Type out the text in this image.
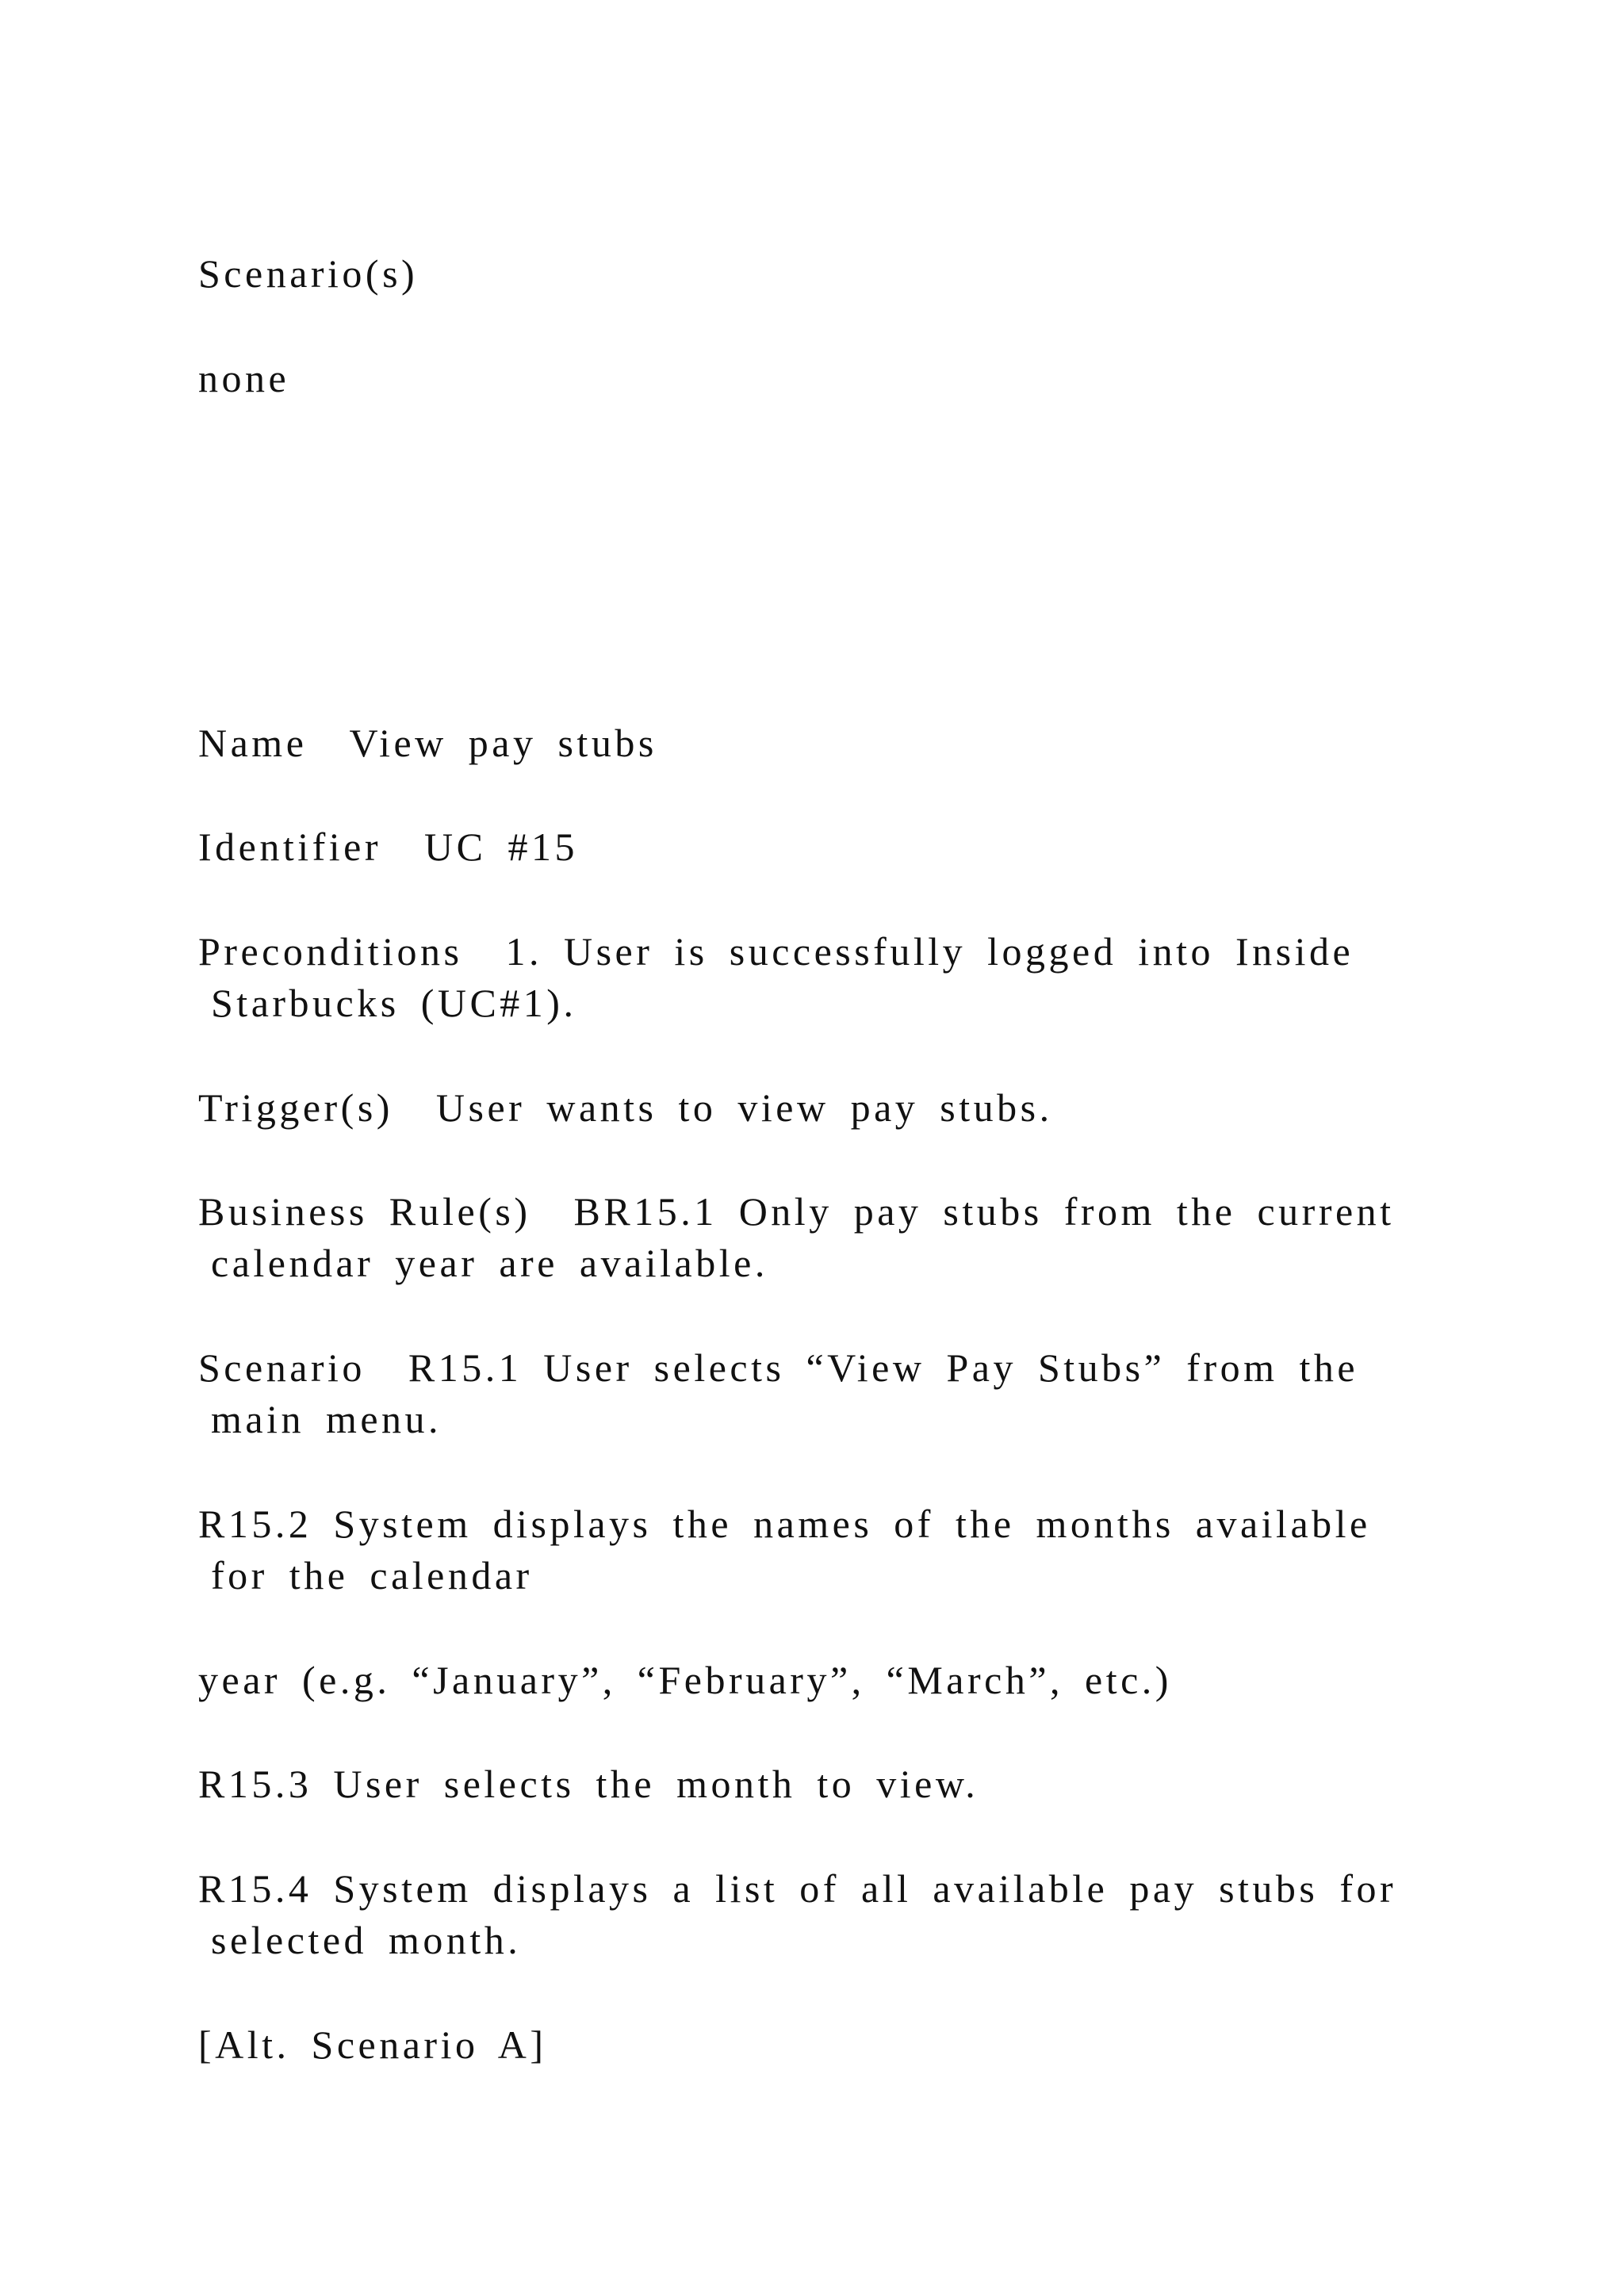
Scenario(s)
none
Name  View pay stubs
Identifier  UC #15
Preconditions  1. User is successfully logged into Inside
Starbucks (UC#1).
Trigger(s)  User wants to view pay stubs.
Business Rule(s)  BR15.1 Only pay stubs from the current
calendar year are available.
Scenario  R15.1 User selects “View Pay Stubs” from the
main menu.
R15.2 System displays the names of the months available
for the calendar
year (e.g. “January”, “February”, “March”, etc.)
R15.3 User selects the month to view.
R15.4 System displays a list of all available pay stubs for
selected month.
[Alt. Scenario A]
